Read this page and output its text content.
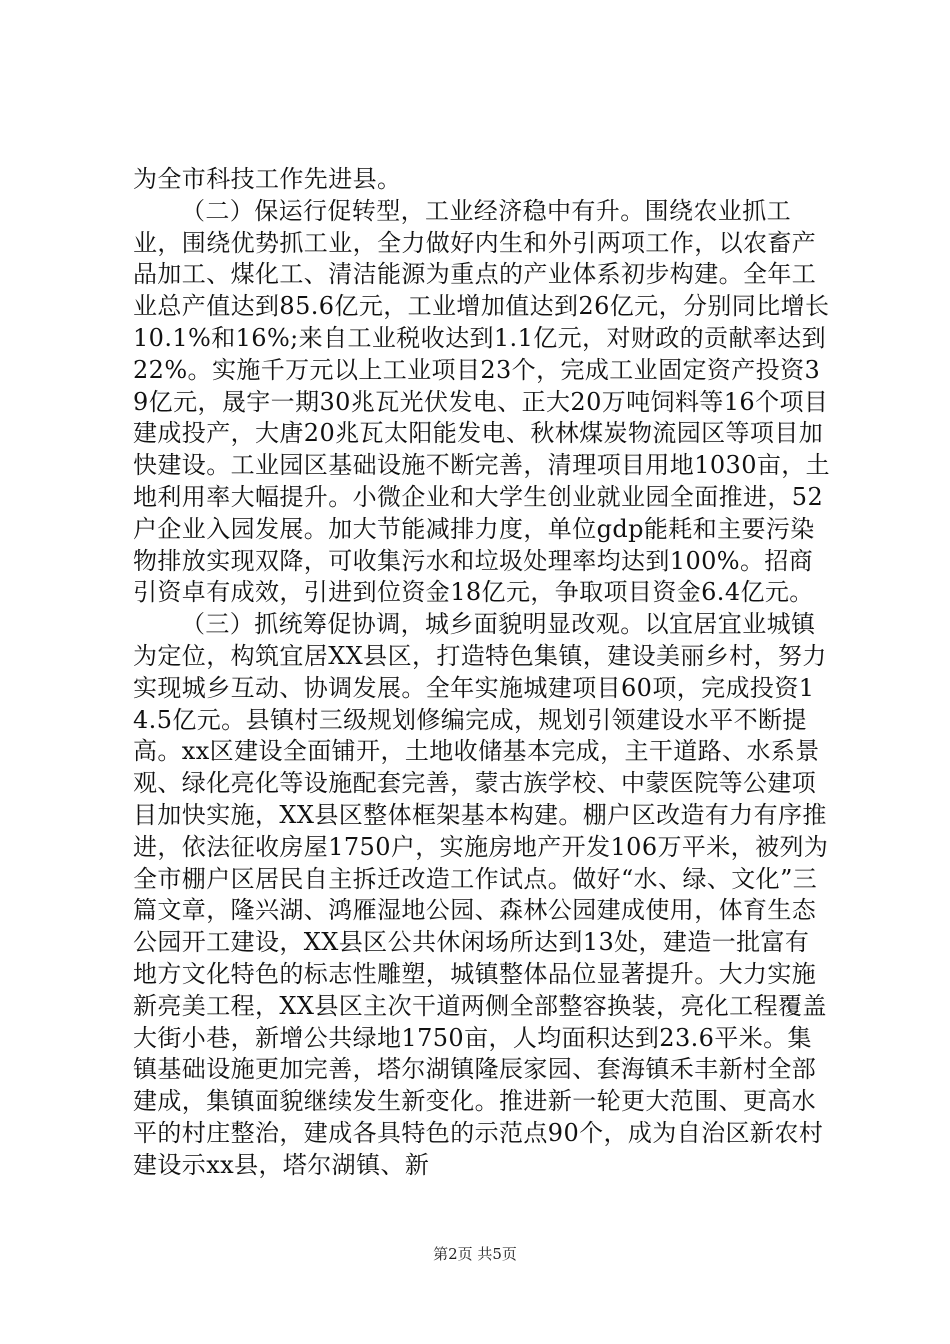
为全市科技工作先进县。

（二）保运行促转型，工业经济稳中有升。围绕农业抓工业，围绕优势抓工业，全力做好内生和外引两项工作，以农畜产品加工、煤化工、清洁能源为重点的产业体系初步构建。全年工业总产值达到85.6亿元，工业增加值达到26亿元，分别同比增长10.1%和16%;来自工业税收达到1.1亿元，对财政的贡献率达到22%。实施千万元以上工业项目23个，完成工业固定资产投资39亿元，晟宇一期30兆瓦光伏发电、正大20万吨饲料等16个项目建成投产，大唐20兆瓦太阳能发电、秋林煤炭物流园区等项目加快建设。工业园区基础设施不断完善，清理项目用地1030亩，土地利用率大幅提升。小微企业和大学生创业就业园全面推进，52户企业入园发展。加大节能减排力度，单位gdp能耗和主要污染物排放实现双降，可收集污水和垃圾处理率均达到100%。招商引资卓有成效，引进到位资金18亿元，争取项目资金6.4亿元。

（三）抓统筹促协调，城乡面貌明显改观。以宜居宜业城镇为定位，构筑宜居XX县区，打造特色集镇，建设美丽乡村，努力实现城乡互动、协调发展。全年实施城建项目60项，完成投资14.5亿元。县镇村三级规划修编完成，规划引领建设水平不断提高。xx区建设全面铺开，土地收储基本完成，主干道路、水系景观、绿化亮化等设施配套完善，蒙古族学校、中蒙医院等公建项目加快实施，XX县区整体框架基本构建。棚户区改造有力有序推进，依法征收房屋1750户，实施房地产开发106万平米，被列为全市棚户区居民自主拆迁改造工作试点。做好“水、绿、文化”三篇文章，隆兴湖、鸿雁湿地公园、森林公园建成使用，体育生态公园开工建设，XX县区公共休闲场所达到13处，建造一批富有地方文化特色的标志性雕塑，城镇整体品位显著提升。大力实施新亮美工程，XX县区主次干道两侧全部整容换装，亮化工程覆盖大街小巷，新增公共绿地1750亩，人均面积达到23.6平米。集镇基础设施更加完善，塔尔湖镇隆辰家园、套海镇禾丰新村全部建成，集镇面貌继续发生新变化。推进新一轮更大范围、更高水平的村庄整治，建成各具特色的示范点90个，成为自治区新农村建设示xx县，塔尔湖镇、新

第2页 共5页
